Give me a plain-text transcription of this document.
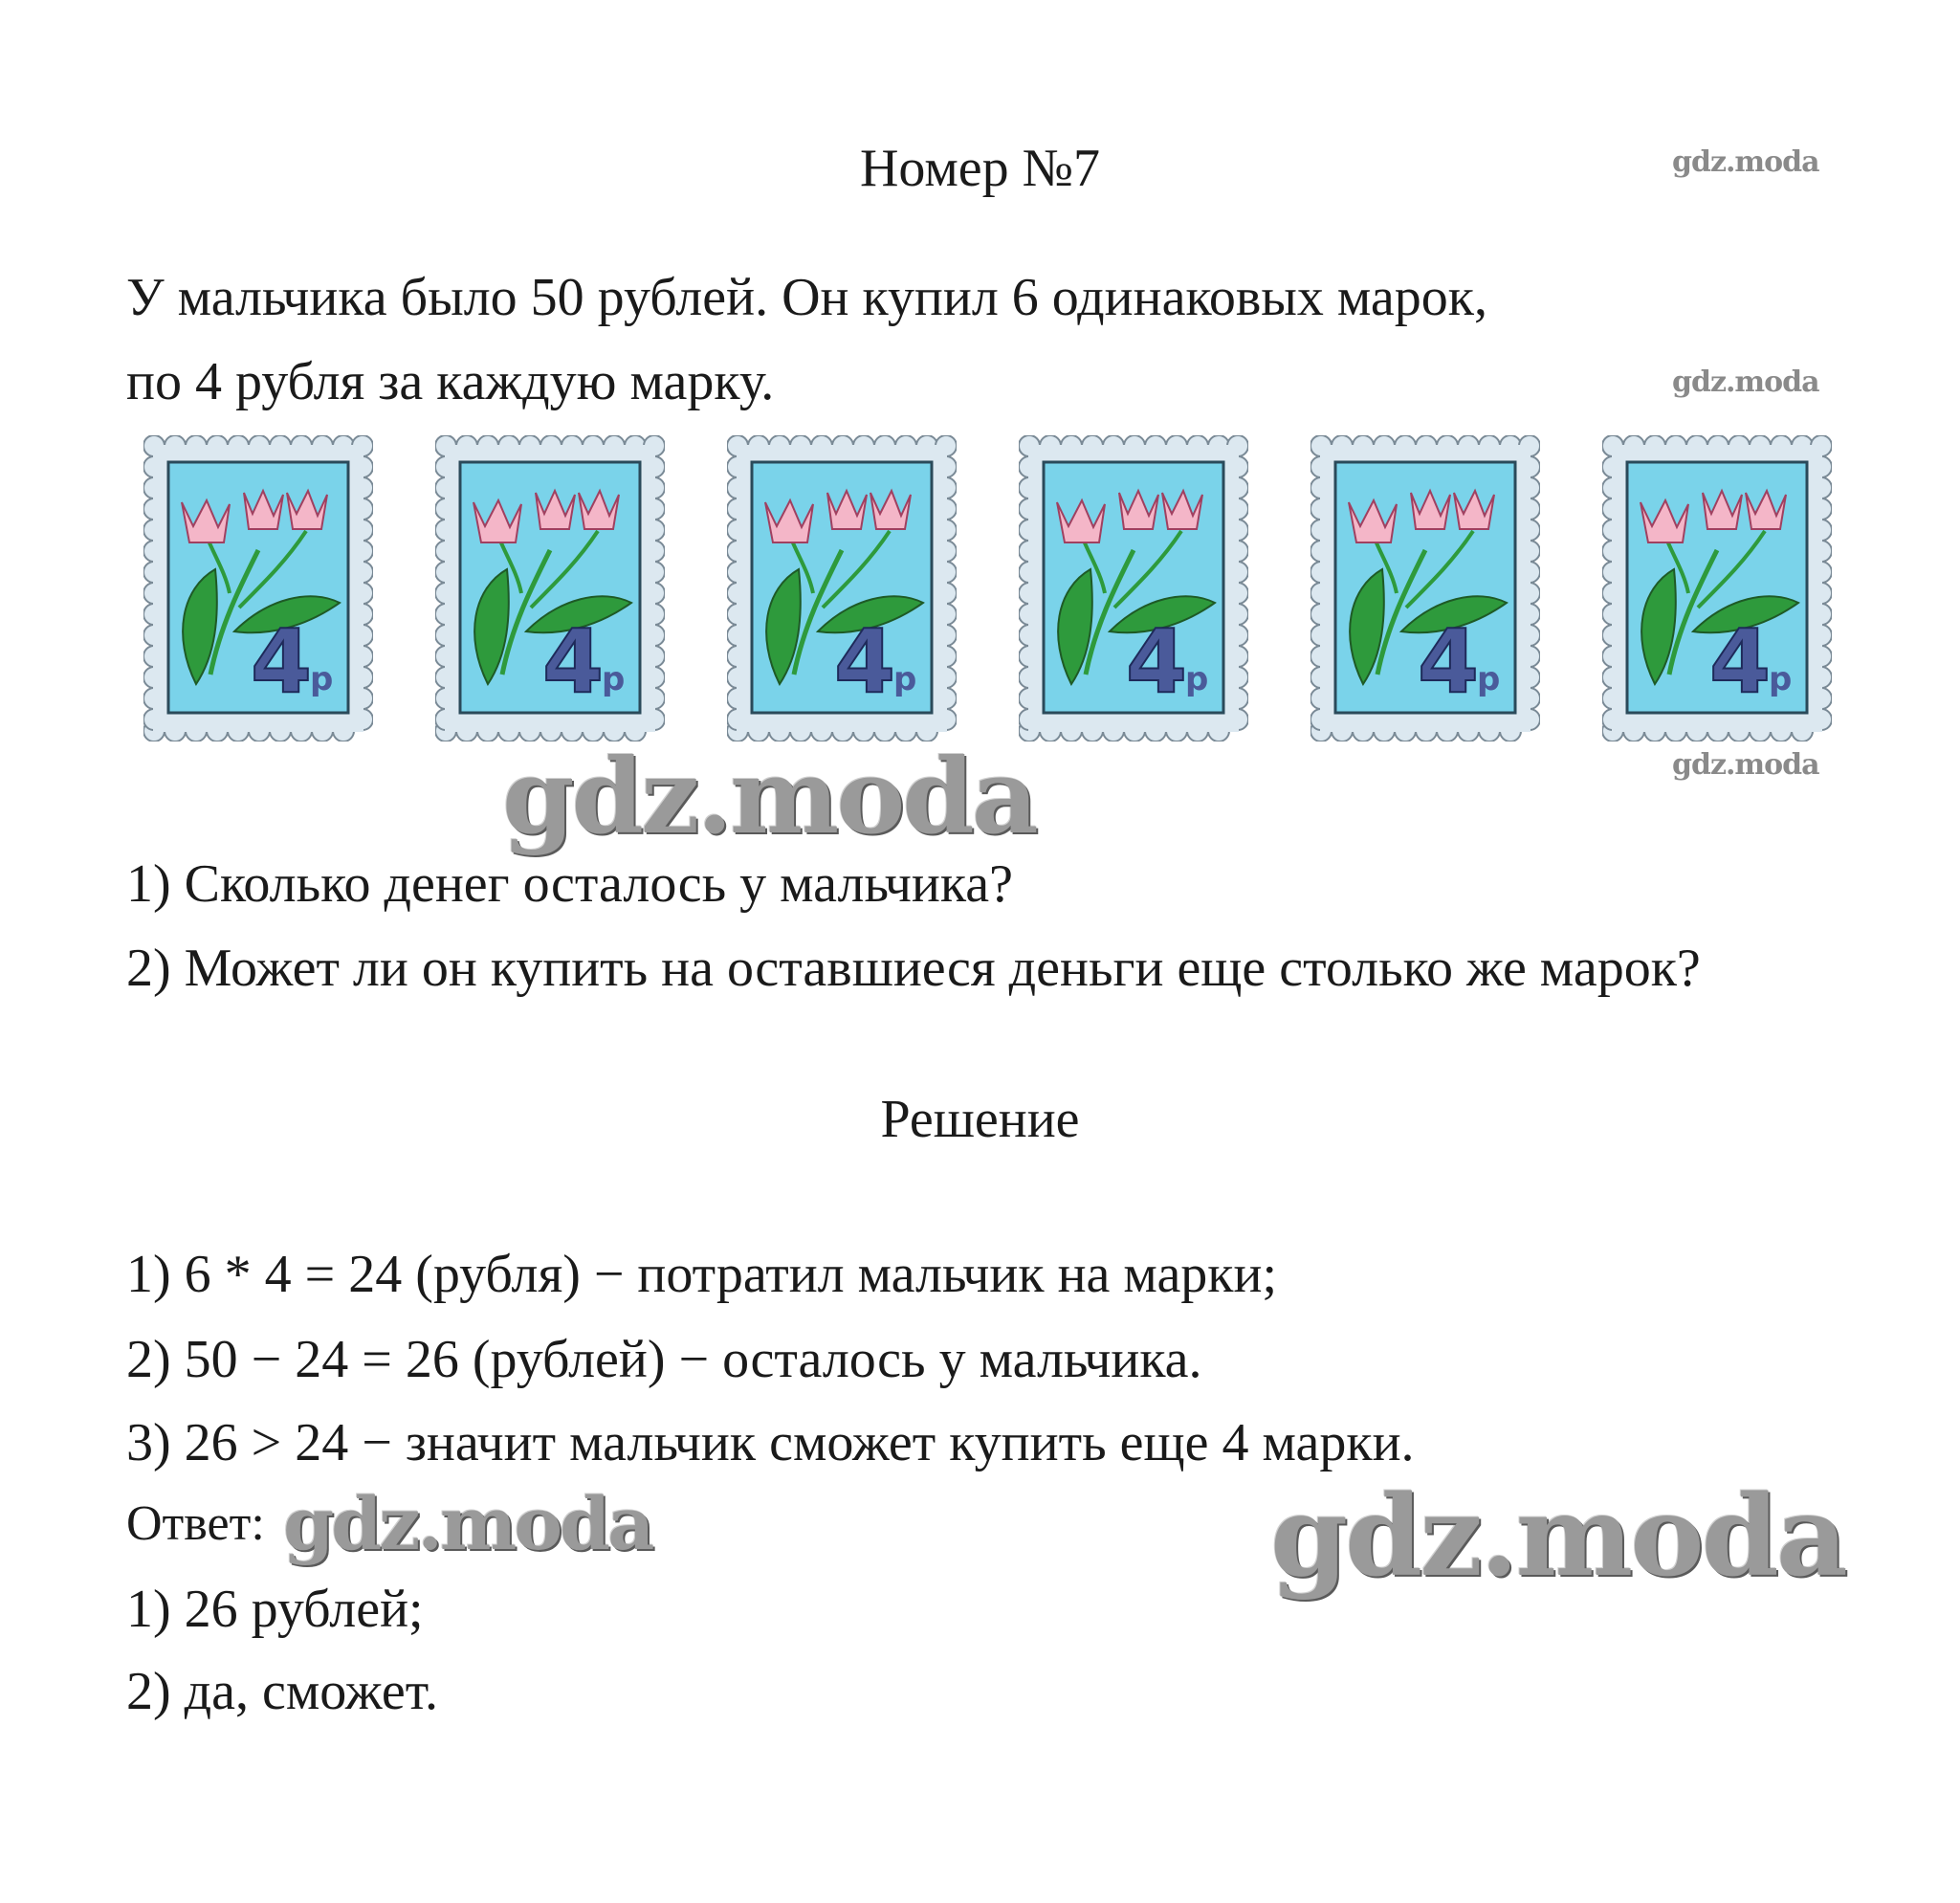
Номер №7	gdz.moda
У мальчика было 50 рублей. Он купил 6 одинаковых марок,
по 4 рубля за каждую марку.	gdz.moda
4
р 4
р 4
р 4
р 4
р 4
р
gdz.moda
gdz.moda
1) Сколько денег осталось у мальчика?
2) Может ли он купить на оставшиеся деньги еще столько же марок?
Решение
1) 6 * 4 = 24 (рубля) − потратил мальчик на марки;
2) 50 − 24 = 26 (рублей) − осталось у мальчика.
3) 26 > 24 − значит мальчик сможет купить еще 4 марки.
Ответ: gdz.moda	gdz.moda
1) 26 рублей;
2) да, сможет.
